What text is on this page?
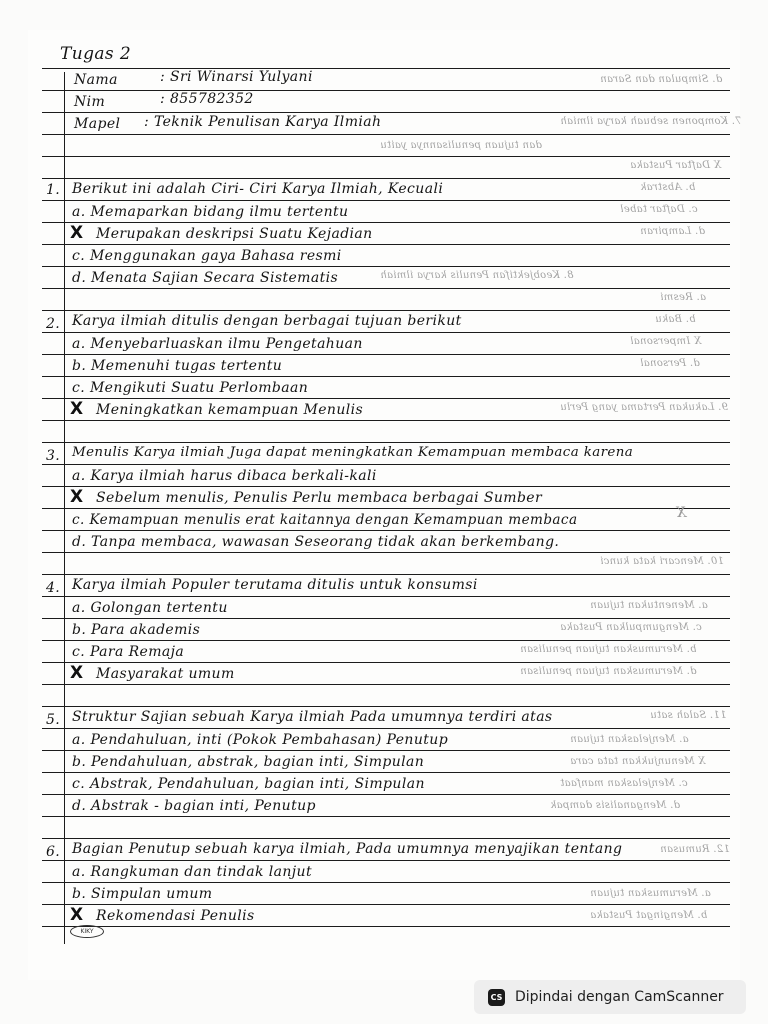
Tugas 2
Nama	: Sri Winarsi Yulyani
Nim	: 855782352
Mapel : Teknik Penulisan Karya Ilmiah
1. Berikut ini adalah Ciri- Ciri Karya Ilmiah, Kecuali
a. Memaparkan bidang ilmu tertentu
X Merupakan deskripsi Suatu Kejadian
c. Menggunakan gaya Bahasa resmi
d. Menata Sajian Secara Sistematis
2. Karya ilmiah ditulis dengan berbagai tujuan berikut
a. Menyebarluaskan ilmu Pengetahuan
b. Memenuhi tugas tertentu
c. Mengikuti Suatu Perlombaan
X Meningkatkan kemampuan Menulis
3. Menulis Karya ilmiah Juga dapat meningkatkan Kemampuan membaca karena
a. Karya ilmiah harus dibaca berkali-kali
X Sebelum menulis, Penulis Perlu membaca berbagai Sumber
c. Kemampuan menulis erat kaitannya dengan Kemampuan membaca
d. Tanpa membaca, wawasan Seseorang tidak akan berkembang.
4. Karya ilmiah Populer terutama ditulis untuk konsumsi
a. Golongan tertentu
b. Para akademis
c. Para Remaja
X Masyarakat umum
5. Struktur Sajian sebuah Karya ilmiah Pada umumnya terdiri atas
a. Pendahuluan, inti (Pokok Pembahasan) Penutup
b. Pendahuluan, abstrak, bagian inti, Simpulan
c. Abstrak, Pendahuluan, bagian inti, Simpulan
d. Abstrak - bagian inti, Penutup
6. Bagian Penutup sebuah karya ilmiah, Pada umumnya menyajikan tentang
a. Rangkuman dan tindak lanjut
b. Simpulan umum
X Rekomendasi Penulis
d. Simpulan dan Saran
7. Komponen sebuah karya ilmiah
dan tujuan penulisannya yaitu
X Daftar Pustaka
b. Abstrak
c. Daftar tabel
d. Lampiran
8. Keobjektifan Penulis karya ilmiah
a. Resmi
b. Baku
X Impersonal
d. Personal
9. Lakukan Pertama yang Perlu
10. Mencari kata kunci
a. Menentukan tujuan
b. Merumuskan tujuan penulisan
c. Mengumpulkan Pustaka
d. Merumuskan tujuan penulisan
11. Salah satu
a. Menjelaskan tujuan
X Menunjukkan tata cara
c. Menjelaskan manfaat
d. Menganalisis dampak
12. Rumusan
a. Merumuskan tujuan
b. Mengingat Pustaka
X
KIKY
CS Dipindai dengan CamScanner
